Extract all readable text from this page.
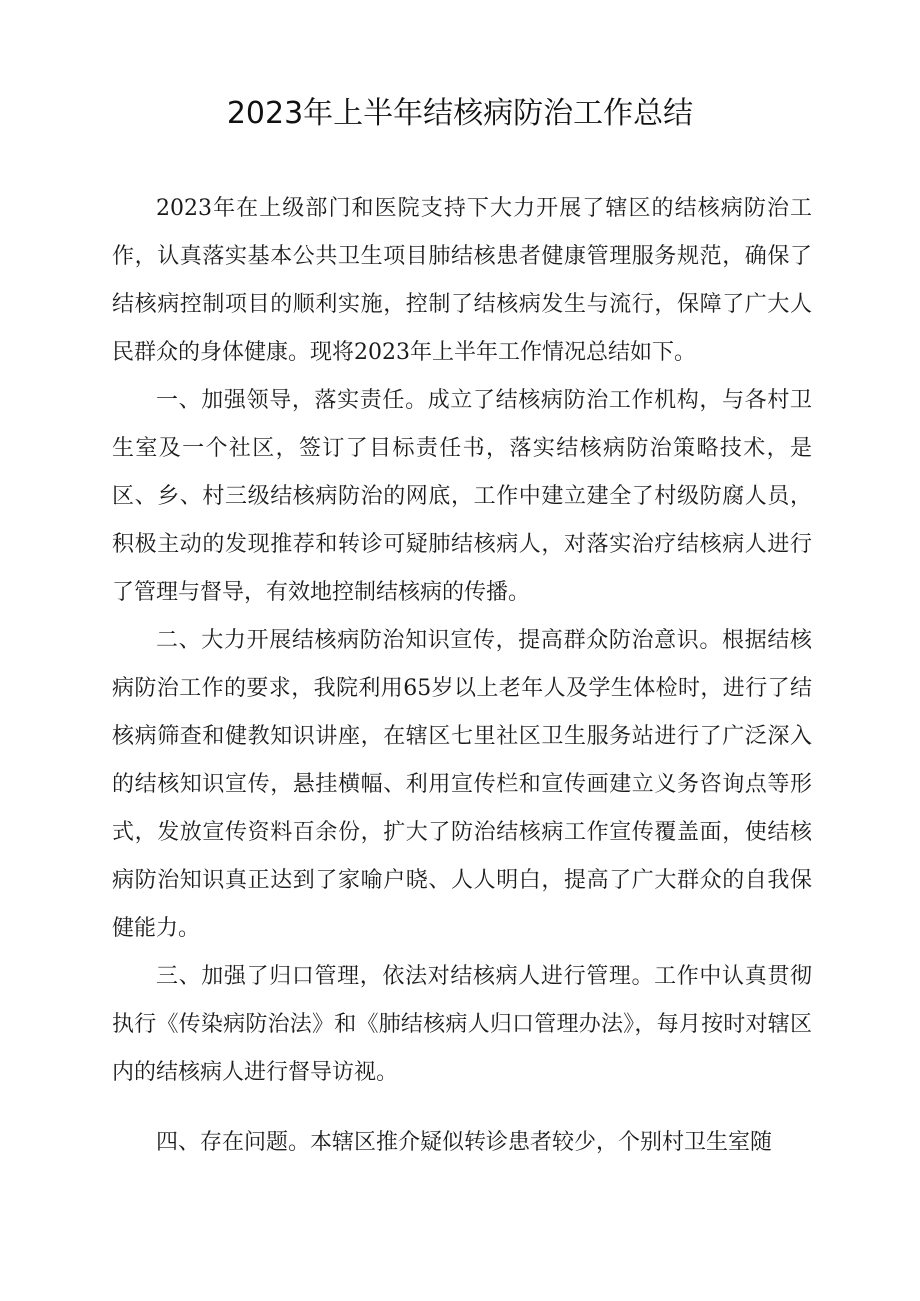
2023年上半年结核病防治工作总结

2023年在上级部门和医院支持下大力开展了辖区的结核病防治工作，认真落实基本公共卫生项目肺结核患者健康管理服务规范，确保了结核病控制项目的顺利实施，控制了结核病发生与流行，保障了广大人民群众的身体健康。现将2023年上半年工作情况总结如下。

一、加强领导，落实责任。成立了结核病防治工作机构，与各村卫生室及一个社区，签订了目标责任书，落实结核病防治策略技术，是区、乡、村三级结核病防治的网底，工作中建立建全了村级防腐人员，积极主动的发现推荐和转诊可疑肺结核病人，对落实治疗结核病人进行了管理与督导，有效地控制结核病的传播。

二、大力开展结核病防治知识宣传，提高群众防治意识。根据结核病防治工作的要求，我院利用65岁以上老年人及学生体检时，进行了结核病筛查和健教知识讲座，在辖区七里社区卫生服务站进行了广泛深入的结核知识宣传，悬挂横幅、利用宣传栏和宣传画建立义务咨询点等形式，发放宣传资料百余份，扩大了防治结核病工作宣传覆盖面，使结核病防治知识真正达到了家喻户晓、人人明白，提高了广大群众的自我保健能力。

三、加强了归口管理，依法对结核病人进行管理。工作中认真贯彻执行《传染病防治法》和《肺结核病人归口管理办法》，每月按时对辖区内的结核病人进行督导访视。

四、存在问题。本辖区推介疑似转诊患者较少，个别村卫生室随
